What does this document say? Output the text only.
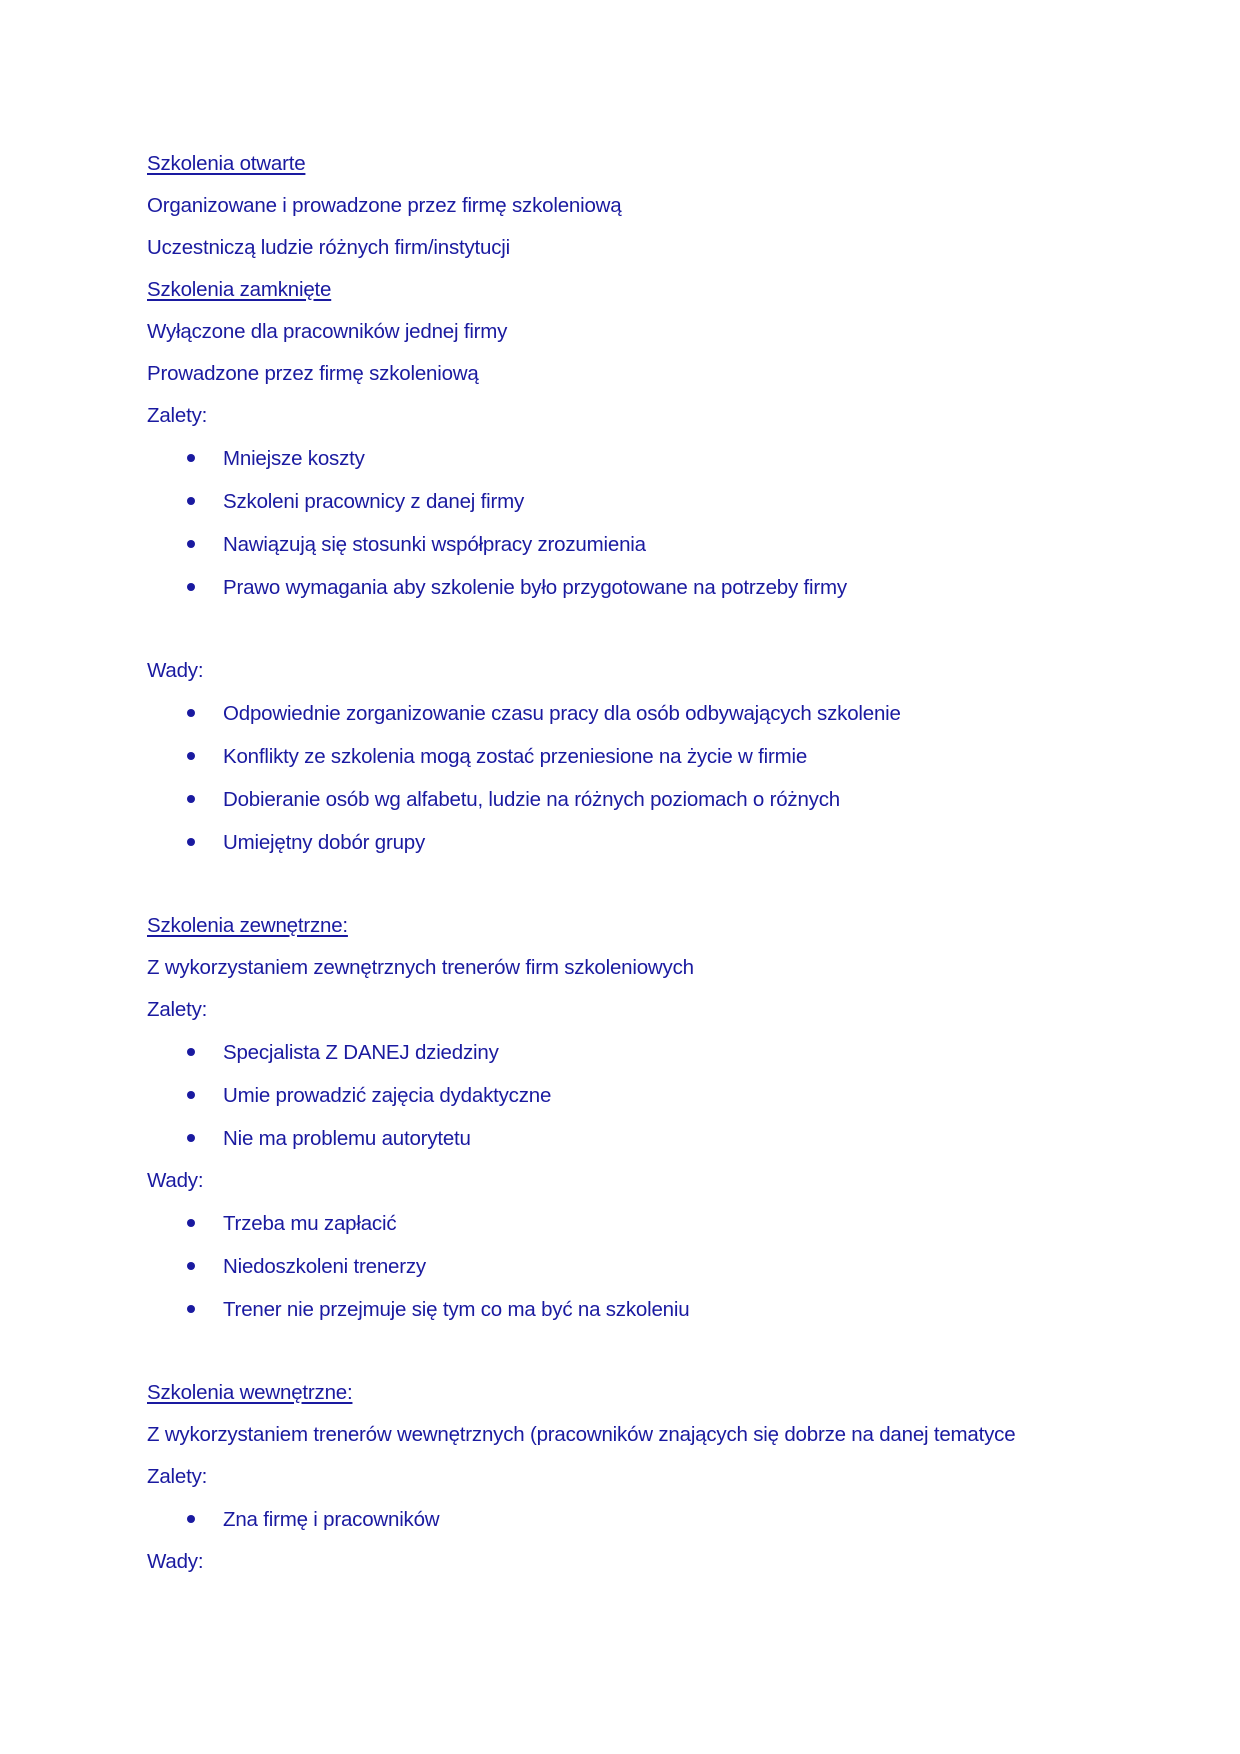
Szkolenia otwarte
Organizowane i prowadzone przez firmę szkoleniową
Uczestniczą ludzie różnych firm/instytucji
Szkolenia zamknięte
Wyłączone dla pracowników jednej firmy
Prowadzone przez firmę szkoleniową
Zalety:
Mniejsze koszty
Szkoleni pracownicy z danej firmy
Nawiązują się stosunki współpracy zrozumienia
Prawo wymagania aby szkolenie było przygotowane na potrzeby firmy
Wady:
Odpowiednie zorganizowanie czasu pracy dla osób odbywających szkolenie
Konflikty ze szkolenia mogą zostać przeniesione na życie w firmie
Dobieranie osób wg alfabetu, ludzie na różnych poziomach o różnych
Umiejętny dobór grupy
Szkolenia zewnętrzne:
Z wykorzystaniem zewnętrznych trenerów firm szkoleniowych
Zalety:
Specjalista Z DANEJ dziedziny
Umie prowadzić zajęcia dydaktyczne
Nie ma problemu autorytetu
Wady:
Trzeba mu zapłacić
Niedoszkoleni trenerzy
Trener nie przejmuje się tym co ma być na szkoleniu
Szkolenia wewnętrzne:
Z wykorzystaniem trenerów wewnętrznych (pracowników znających się dobrze na danej tematyce
Zalety:
Zna firmę i pracowników
Wady:
